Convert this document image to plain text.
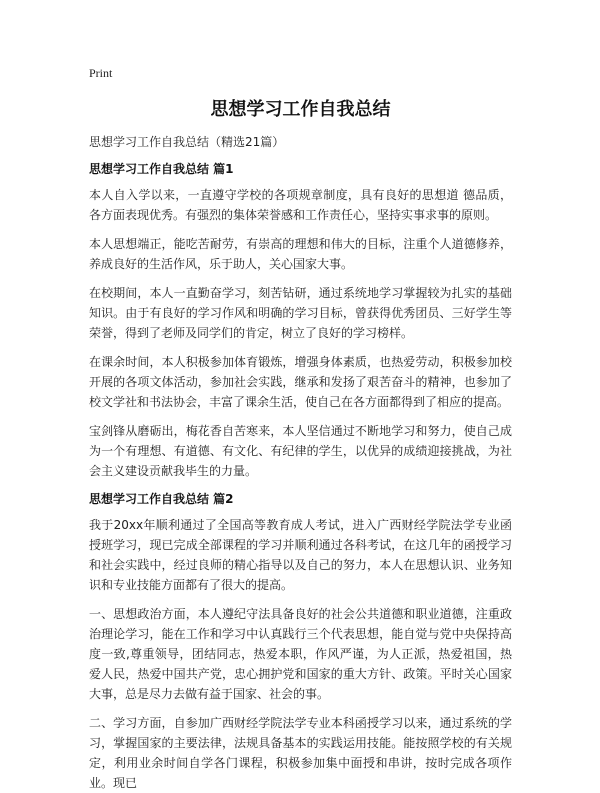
Print
思想学习工作自我总结
思想学习工作自我总结（精选21篇）
思想学习工作自我总结 篇1

本人自入学以来，一直遵守学校的各项规章制度，具有良好的思想道 德品质，各方面表现优秀。有强烈的集体荣誉感和工作责任心，坚持实事求事的原则。

本人思想端正，能吃苦耐劳，有崇高的理想和伟大的目标，注重个人道德修养，养成良好的生活作风，乐于助人，关心国家大事。

在校期间，本人一直勤奋学习，刻苦钻研，通过系统地学习掌握较为扎实的基础知识。由于有良好的学习作风和明确的学习目标，曾获得优秀团员、三好学生等荣誉，得到了老师及同学们的肯定，树立了良好的学习榜样。

在课余时间，本人积极参加体育锻炼，增强身体素质，也热爱劳动，积极参加校开展的各项文体活动，参加社会实践，继承和发扬了艰苦奋斗的精神，也参加了校文学社和书法协会，丰富了课余生活，使自己在各方面都得到了相应的提高。

宝剑锋从磨砺出，梅花香自苦寒来，本人坚信通过不断地学习和努力，使自己成为一个有理想、有道德、有文化、有纪律的学生，以优异的成绩迎接挑战，为社会主义建设贡献我毕生的力量。

思想学习工作自我总结 篇2

我于20xx年顺利通过了全国高等教育成人考试，进入广西财经学院法学专业函授班学习，现已完成全部课程的学习并顺利通过各科考试，在这几年的函授学习和社会实践中，经过良师的精心指导以及自己的努力，本人在思想认识、业务知识和专业技能方面都有了很大的提高。

一、思想政治方面，本人遵纪守法具备良好的社会公共道德和职业道德，注重政治理论学习，能在工作和学习中认真践行三个代表思想，能自觉与党中央保持高度一致,尊重领导，团结同志，热爱本职，作风严谨，为人正派，热爱祖国，热爱人民，热爱中国共产党，忠心拥护党和国家的重大方针、政策。平时关心国家大事，总是尽力去做有益于国家、社会的事。

二、学习方面，自参加广西财经学院法学专业本科函授学习以来，通过系统的学习，掌握国家的主要法律，法规具备基本的实践运用技能。能按照学校的有关规定，利用业余时间自学各门课程，积极参加集中面授和串讲，按时完成各项作业。现已
